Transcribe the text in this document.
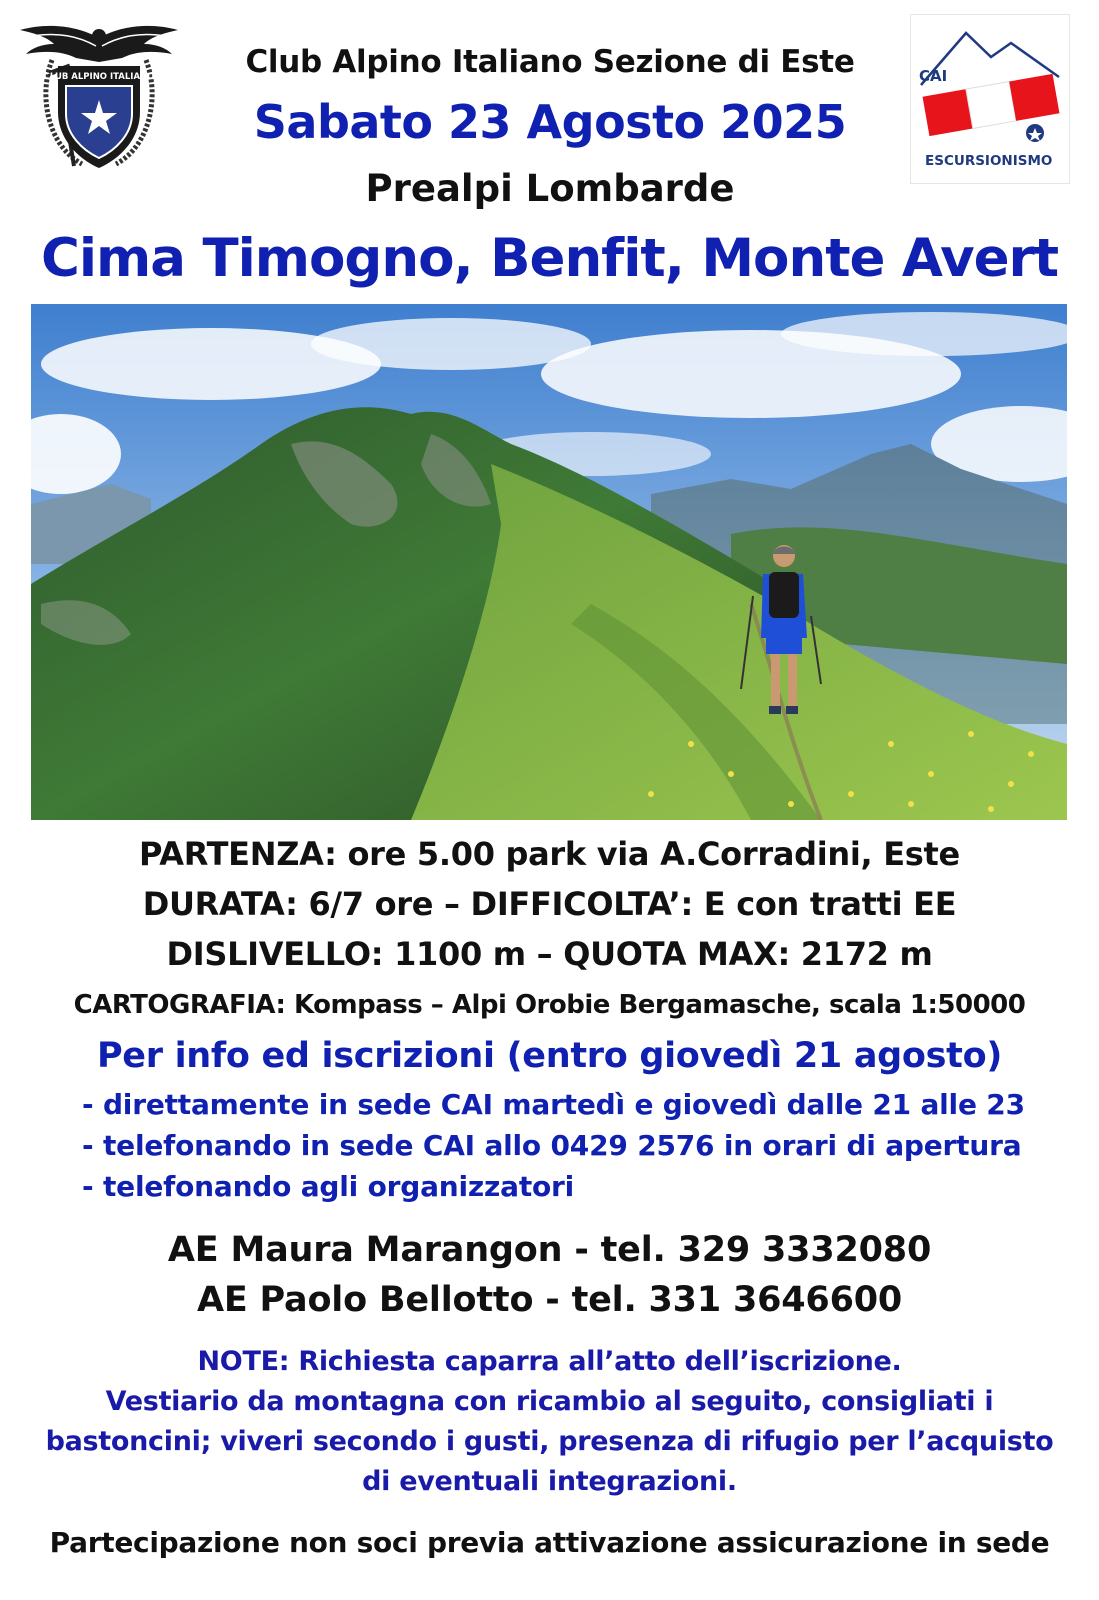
CLUB ALPINO ITALIANO	CAI
ESCURSIONISMO
Club Alpino Italiano Sezione di Este
Sabato 23 Agosto 2025
Prealpi Lombarde
Cima Timogno, Benfit, Monte Avert
PARTENZA: ore 5.00 park via A.Corradini, Este
DURATA: 6/7 ore – DIFFICOLTA’: E con tratti EE
DISLIVELLO: 1100 m – QUOTA MAX: 2172 m
CARTOGRAFIA: Kompass – Alpi Orobie Bergamasche, scala 1:50000
Per info ed iscrizioni (entro giovedì 21 agosto)
- direttamente in sede CAI martedì e giovedì dalle 21 alle 23
- telefonando in sede CAI allo 0429 2576 in orari di apertura
- telefonando agli organizzatori
AE Maura Marangon - tel. 329 3332080
AE Paolo Bellotto - tel. 331 3646600
NOTE: Richiesta caparra all’atto dell’iscrizione.
Vestiario da montagna con ricambio al seguito, consigliati i
bastoncini; viveri secondo i gusti, presenza di rifugio per l’acquisto
di eventuali integrazioni.
Partecipazione non soci previa attivazione assicurazione in sede
